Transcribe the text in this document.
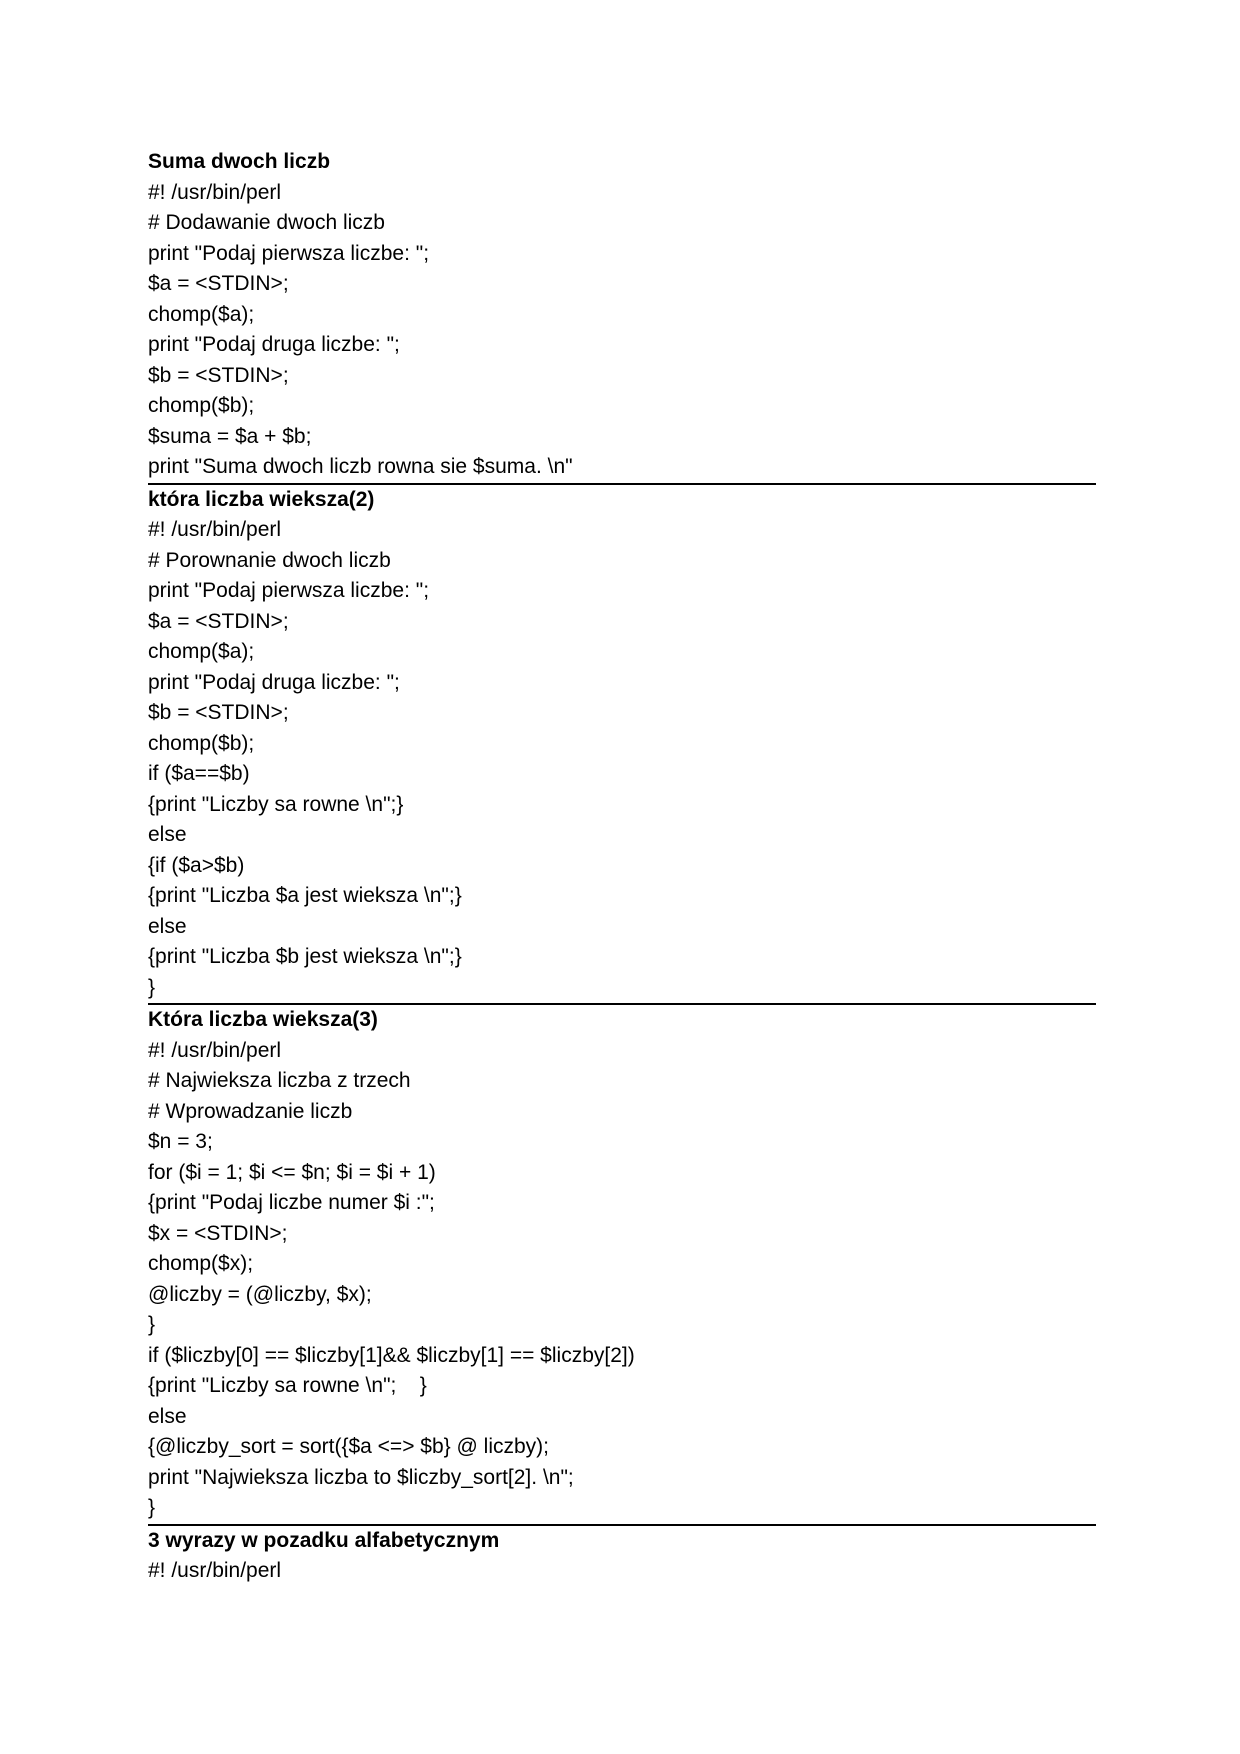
Suma dwoch liczb
#! /usr/bin/perl
# Dodawanie dwoch liczb
print "Podaj pierwsza liczbe: ";
$a = <STDIN>;
chomp($a);
print "Podaj druga liczbe: ";
$b = <STDIN>;
chomp($b);
$suma = $a + $b;
print "Suma dwoch liczb rowna sie $suma. \n"
która liczba wieksza(2)
#! /usr/bin/perl
# Porownanie dwoch liczb
print "Podaj pierwsza liczbe: ";
$a = <STDIN>;
chomp($a);
print "Podaj druga liczbe: ";
$b = <STDIN>;
chomp($b);
if ($a==$b)
{print "Liczby sa rowne \n";}
else
{if ($a>$b)
{print "Liczba $a jest wieksza \n";}
else
{print "Liczba $b jest wieksza \n";}
}
Która liczba wieksza(3)
#! /usr/bin/perl
# Najwieksza liczba z trzech
# Wprowadzanie liczb
$n = 3;
for ($i = 1; $i <= $n; $i = $i + 1)
{print "Podaj liczbe numer $i :";
$x = <STDIN>;
chomp($x);
@liczby = (@liczby, $x);
}
if ($liczby[0] == $liczby[1]&& $liczby[1] == $liczby[2])
{print "Liczby sa rowne \n";    }
else
{@liczby_sort = sort({$a <=> $b} @ liczby);
print "Najwieksza liczba to $liczby_sort[2]. \n";
}
3 wyrazy w pozadku alfabetycznym
#! /usr/bin/perl
